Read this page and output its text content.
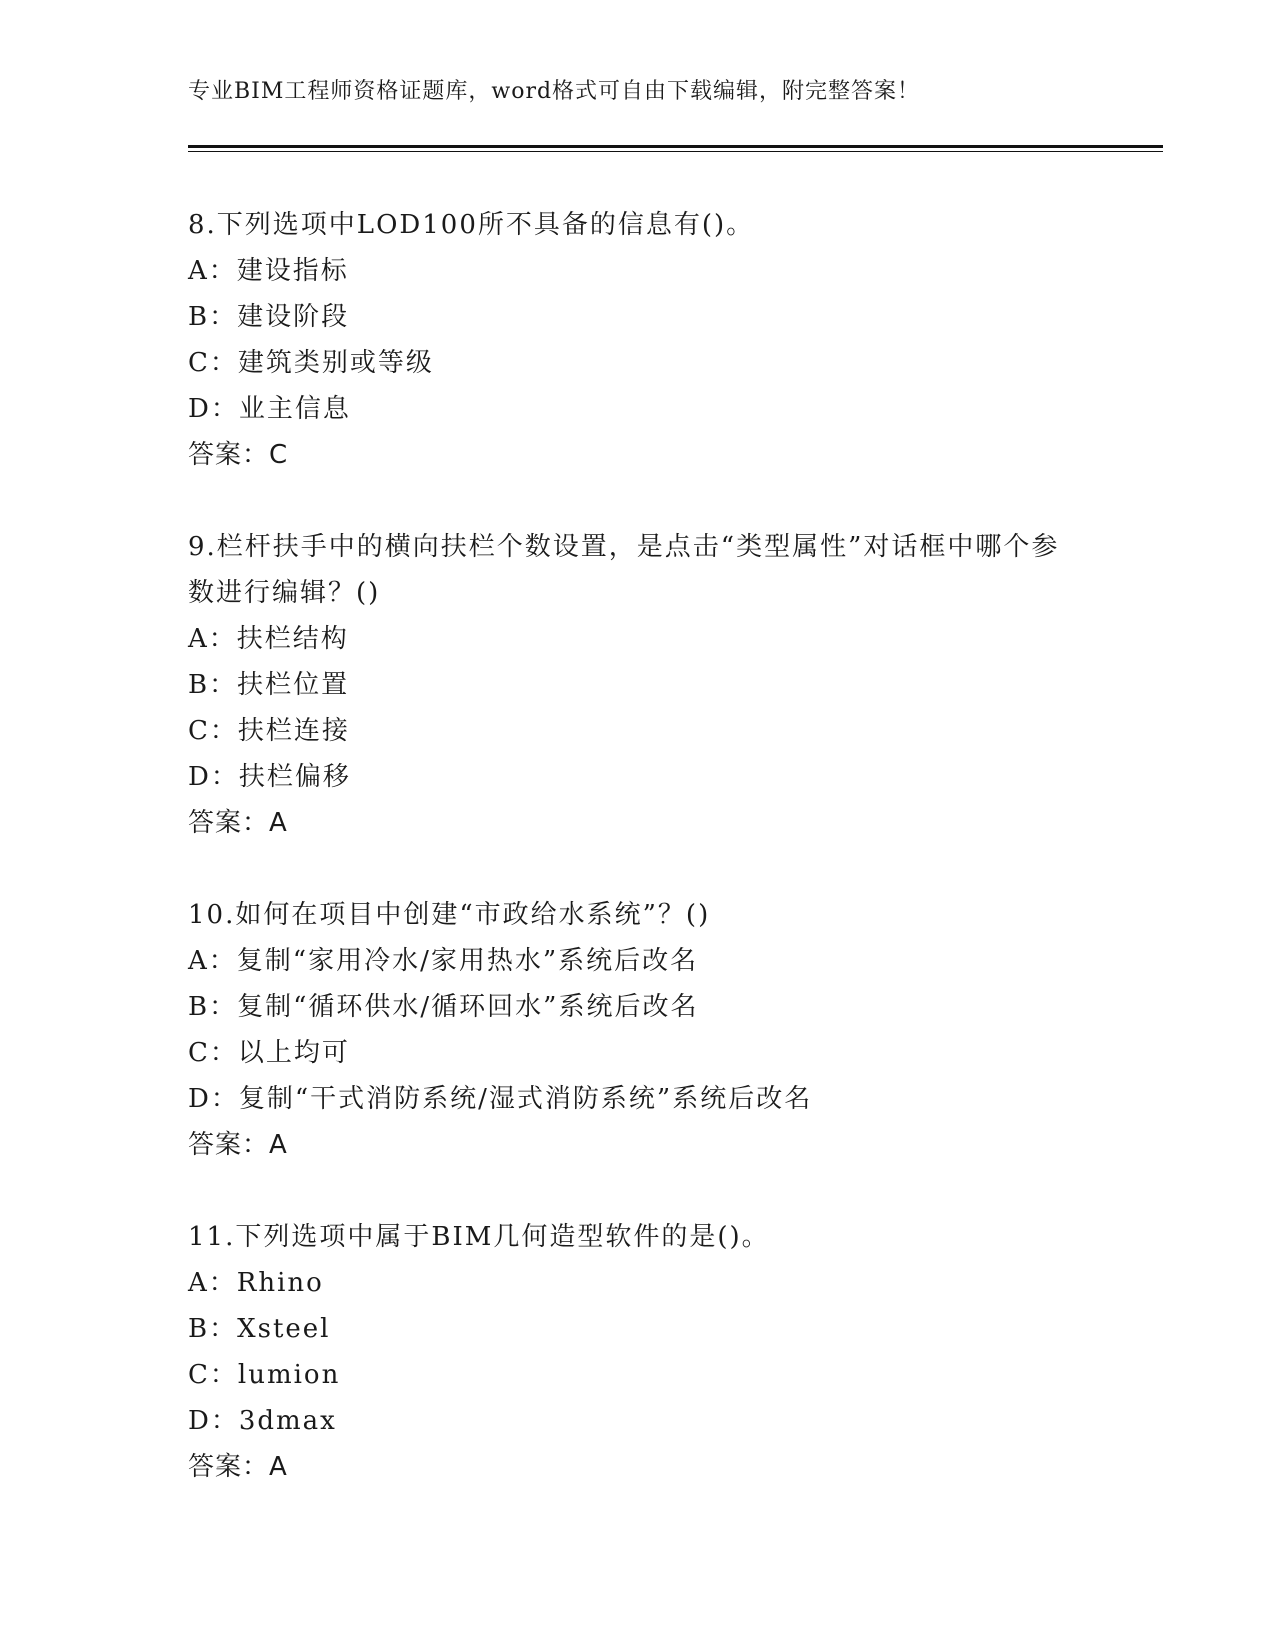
专业BIM工程师资格证题库，word格式可自由下载编辑，附完整答案！
8.下列选项中LOD100所不具备的信息有()。
A：建设指标
B：建设阶段
C：建筑类别或等级
D：业主信息
答案：C
9.栏杆扶手中的横向扶栏个数设置，是点击“类型属性”对话框中哪个参数进行编辑？()
A：扶栏结构
B：扶栏位置
C：扶栏连接
D：扶栏偏移
答案：A
10.如何在项目中创建“市政给水系统”？()
A：复制“家用冷水/家用热水”系统后改名
B：复制“循环供水/循环回水”系统后改名
C：以上均可
D：复制“干式消防系统/湿式消防系统”系统后改名
答案：A
11.下列选项中属于BIM几何造型软件的是()。
A：Rhino
B：Xsteel
C：lumion
D：3dmax
答案：A
